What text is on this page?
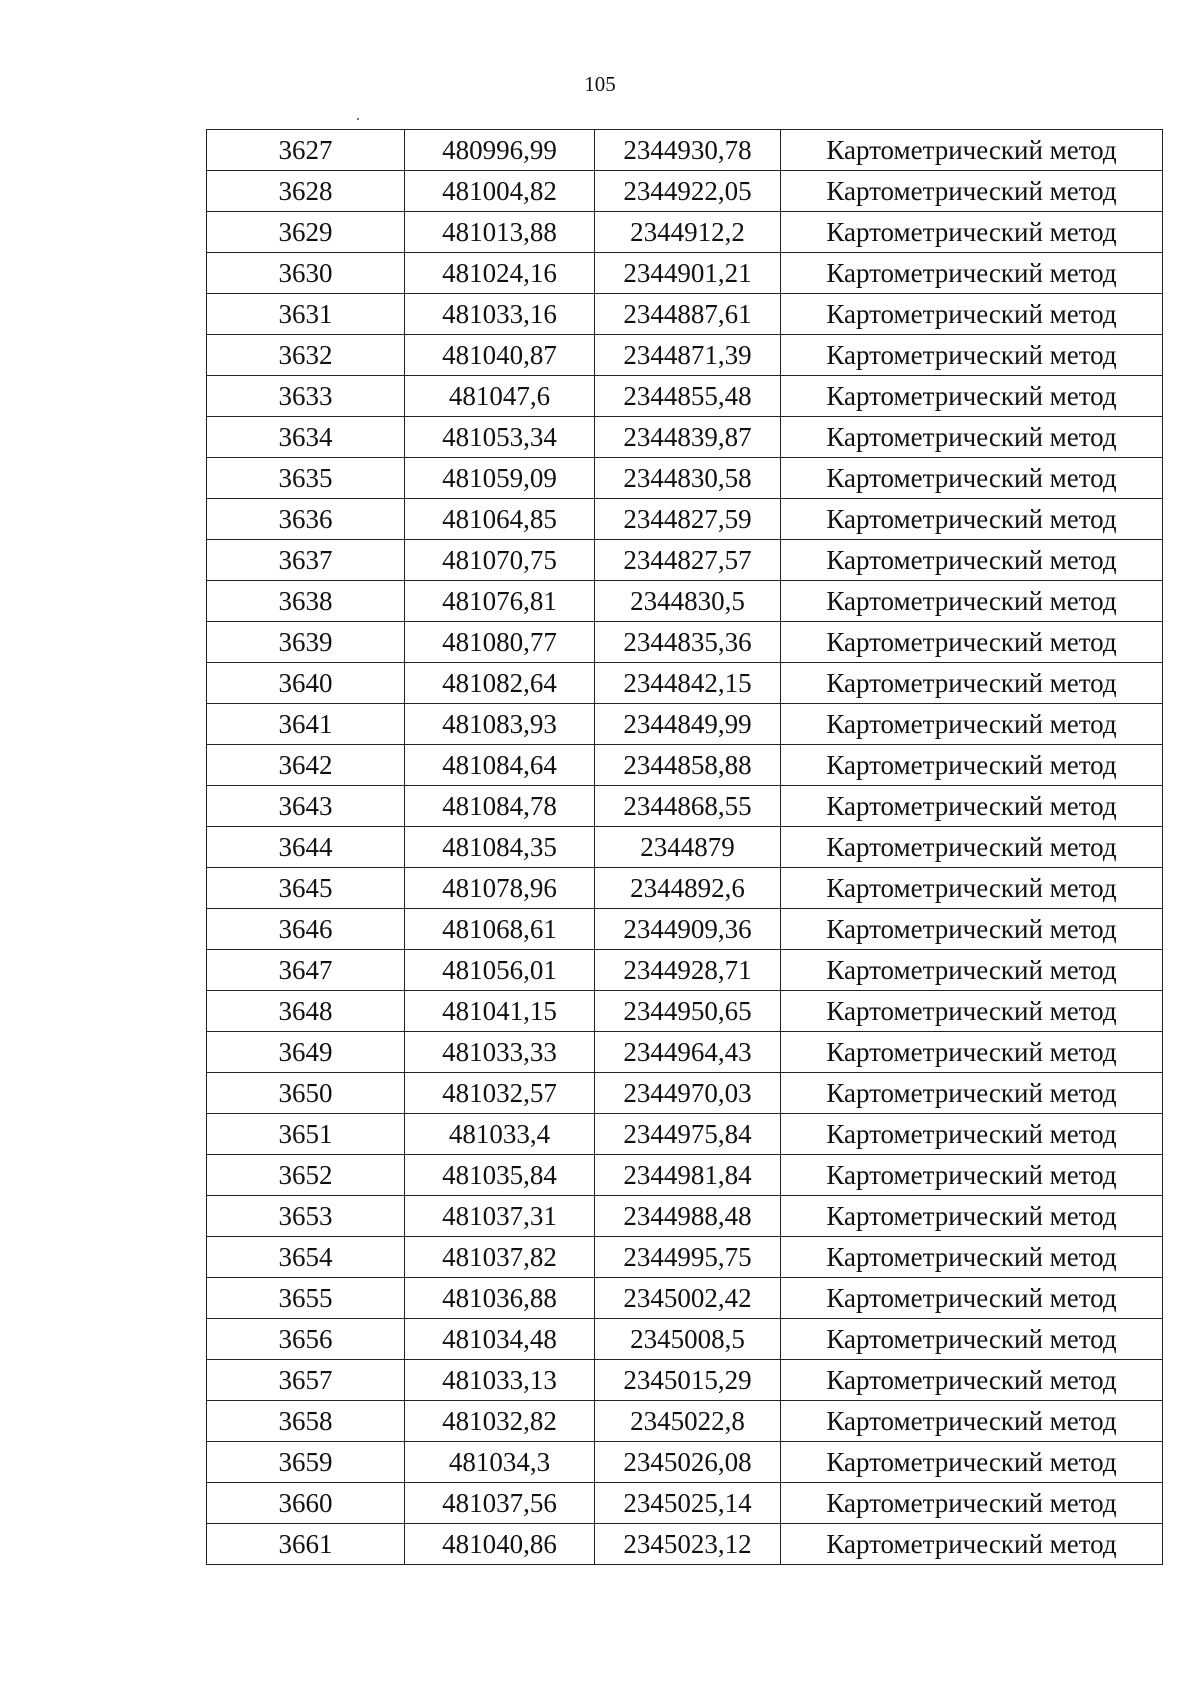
105
3627	480996,99	2344930,78	Картометрический метод
3628	481004,82	2344922,05	Картометрический метод
3629	481013,88	2344912,2	Картометрический метод
3630	481024,16	2344901,21	Картометрический метод
3631	481033,16	2344887,61	Картометрический метод
3632	481040,87	2344871,39	Картометрический метод
3633	481047,6	2344855,48	Картометрический метод
3634	481053,34	2344839,87	Картометрический метод
3635	481059,09	2344830,58	Картометрический метод
3636	481064,85	2344827,59	Картометрический метод
3637	481070,75	2344827,57	Картометрический метод
3638	481076,81	2344830,5	Картометрический метод
3639	481080,77	2344835,36	Картометрический метод
3640	481082,64	2344842,15	Картометрический метод
3641	481083,93	2344849,99	Картометрический метод
3642	481084,64	2344858,88	Картометрический метод
3643	481084,78	2344868,55	Картометрический метод
3644	481084,35	2344879	Картометрический метод
3645	481078,96	2344892,6	Картометрический метод
3646	481068,61	2344909,36	Картометрический метод
3647	481056,01	2344928,71	Картометрический метод
3648	481041,15	2344950,65	Картометрический метод
3649	481033,33	2344964,43	Картометрический метод
3650	481032,57	2344970,03	Картометрический метод
3651	481033,4	2344975,84	Картометрический метод
3652	481035,84	2344981,84	Картометрический метод
3653	481037,31	2344988,48	Картометрический метод
3654	481037,82	2344995,75	Картометрический метод
3655	481036,88	2345002,42	Картометрический метод
3656	481034,48	2345008,5	Картометрический метод
3657	481033,13	2345015,29	Картометрический метод
3658	481032,82	2345022,8	Картометрический метод
3659	481034,3	2345026,08	Картометрический метод
3660	481037,56	2345025,14	Картометрический метод
3661	481040,86	2345023,12	Картометрический метод
